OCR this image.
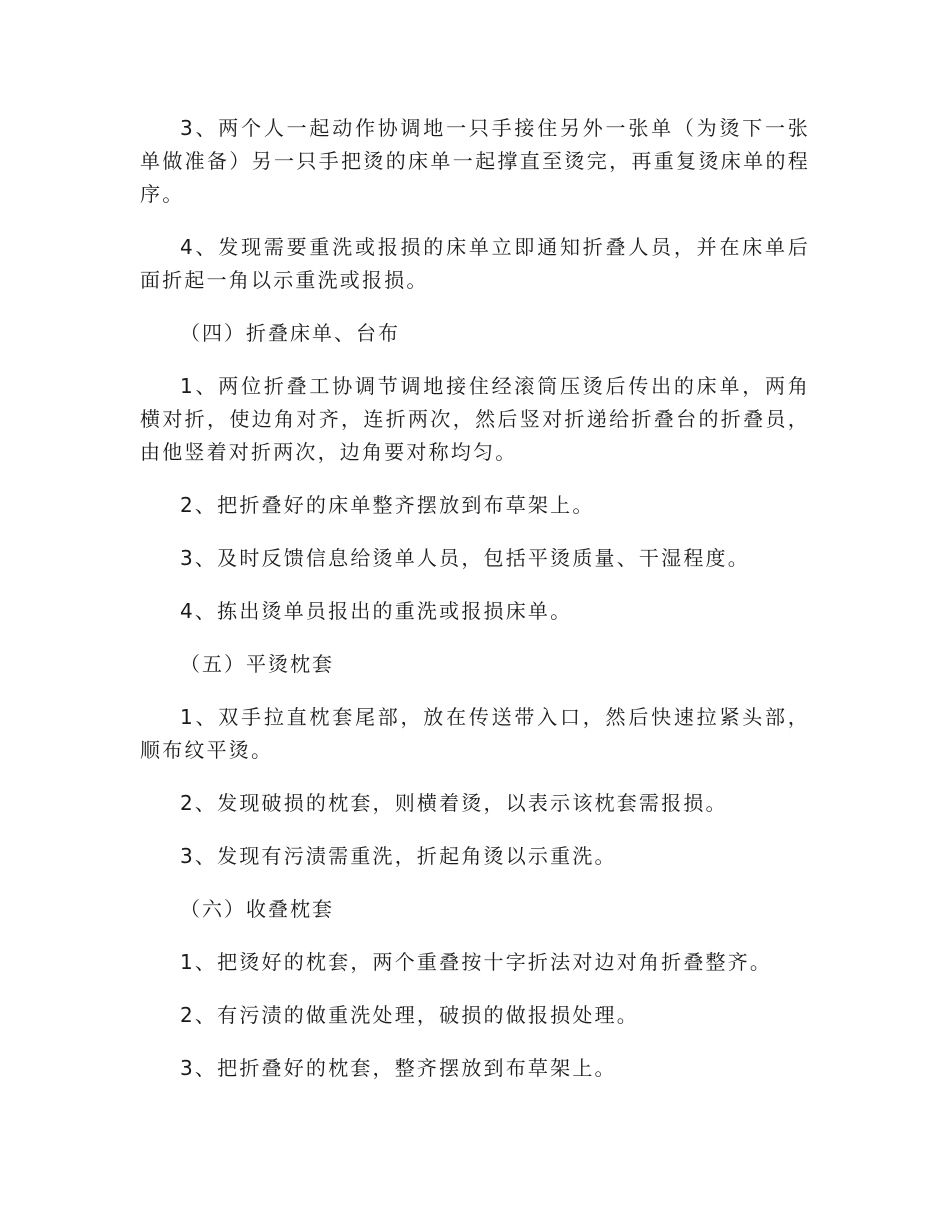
3、两个人一起动作协调地一只手接住另外一张单（为烫下一张单做准备）另一只手把烫的床单一起撑直至烫完，再重复烫床单的程序。

4、发现需要重洗或报损的床单立即通知折叠人员，并在床单后面折起一角以示重洗或报损。

（四）折叠床单、台布

1、两位折叠工协调节调地接住经滚筒压烫后传出的床单，两角横对折，使边角对齐，连折两次，然后竖对折递给折叠台的折叠员，由他竖着对折两次，边角要对称均匀。

2、把折叠好的床单整齐摆放到布草架上。

3、及时反馈信息给烫单人员，包括平烫质量、干湿程度。

4、拣出烫单员报出的重洗或报损床单。

（五）平烫枕套

1、双手拉直枕套尾部，放在传送带入口，然后快速拉紧头部，顺布纹平烫。

2、发现破损的枕套，则横着烫，以表示该枕套需报损。

3、发现有污渍需重洗，折起角烫以示重洗。

（六）收叠枕套

1、把烫好的枕套，两个重叠按十字折法对边对角折叠整齐。

2、有污渍的做重洗处理，破损的做报损处理。

3、把折叠好的枕套，整齐摆放到布草架上。
